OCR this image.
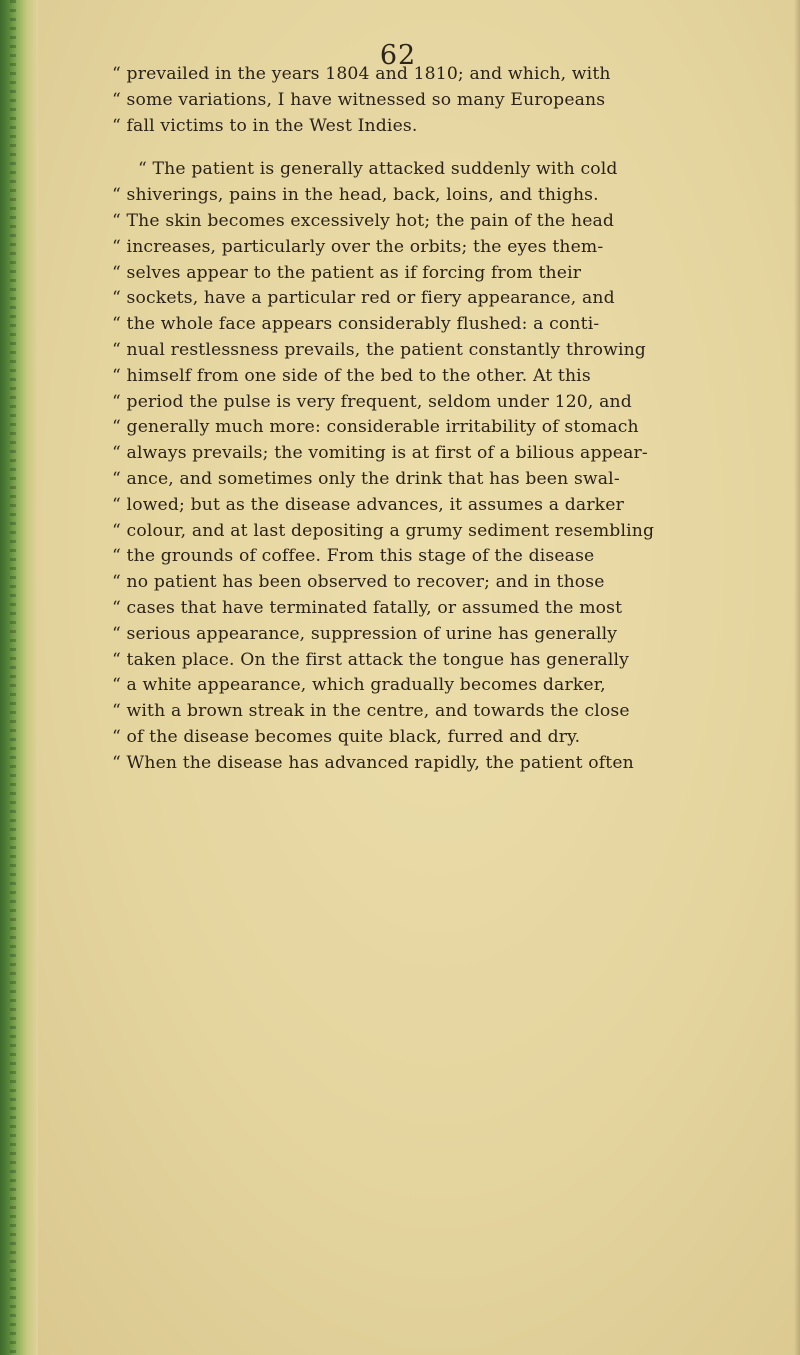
62
“ prevailed in the years 1804 and 1810; and which, with
“ some variations, I have witnessed so many Europeans
“ fall victims to in the West Indies.
“ The patient is generally attacked suddenly with cold
“ shiverings, pains in the head, back, loins, and thighs.
“ The skin becomes excessively hot; the pain of the head
“ increases, particularly over the orbits; the eyes them-
“ selves appear to the patient as if forcing from their
“ sockets, have a particular red or fiery appearance, and
“ the whole face appears considerably flushed: a conti-
“ nual restlessness prevails, the patient constantly throwing
“ himself from one side of the bed to the other. At this
“ period the pulse is very frequent, seldom under 120, and
“ generally much more: considerable irritability of stomach
“ always prevails; the vomiting is at first of a bilious appear-
“ ance, and sometimes only the drink that has been swal-
“ lowed; but as the disease advances, it assumes a darker
“ colour, and at last depositing a grumy sediment resembling
“ the grounds of coffee. From this stage of the disease
“ no patient has been observed to recover; and in those
“ cases that have terminated fatally, or assumed the most
“ serious appearance, suppression of urine has generally
“ taken place. On the first attack the tongue has generally
“ a white appearance, which gradually becomes darker,
“ with a brown streak in the centre, and towards the close
“ of the disease becomes quite black, furred and dry.
“ When the disease has advanced rapidly, the patient often
